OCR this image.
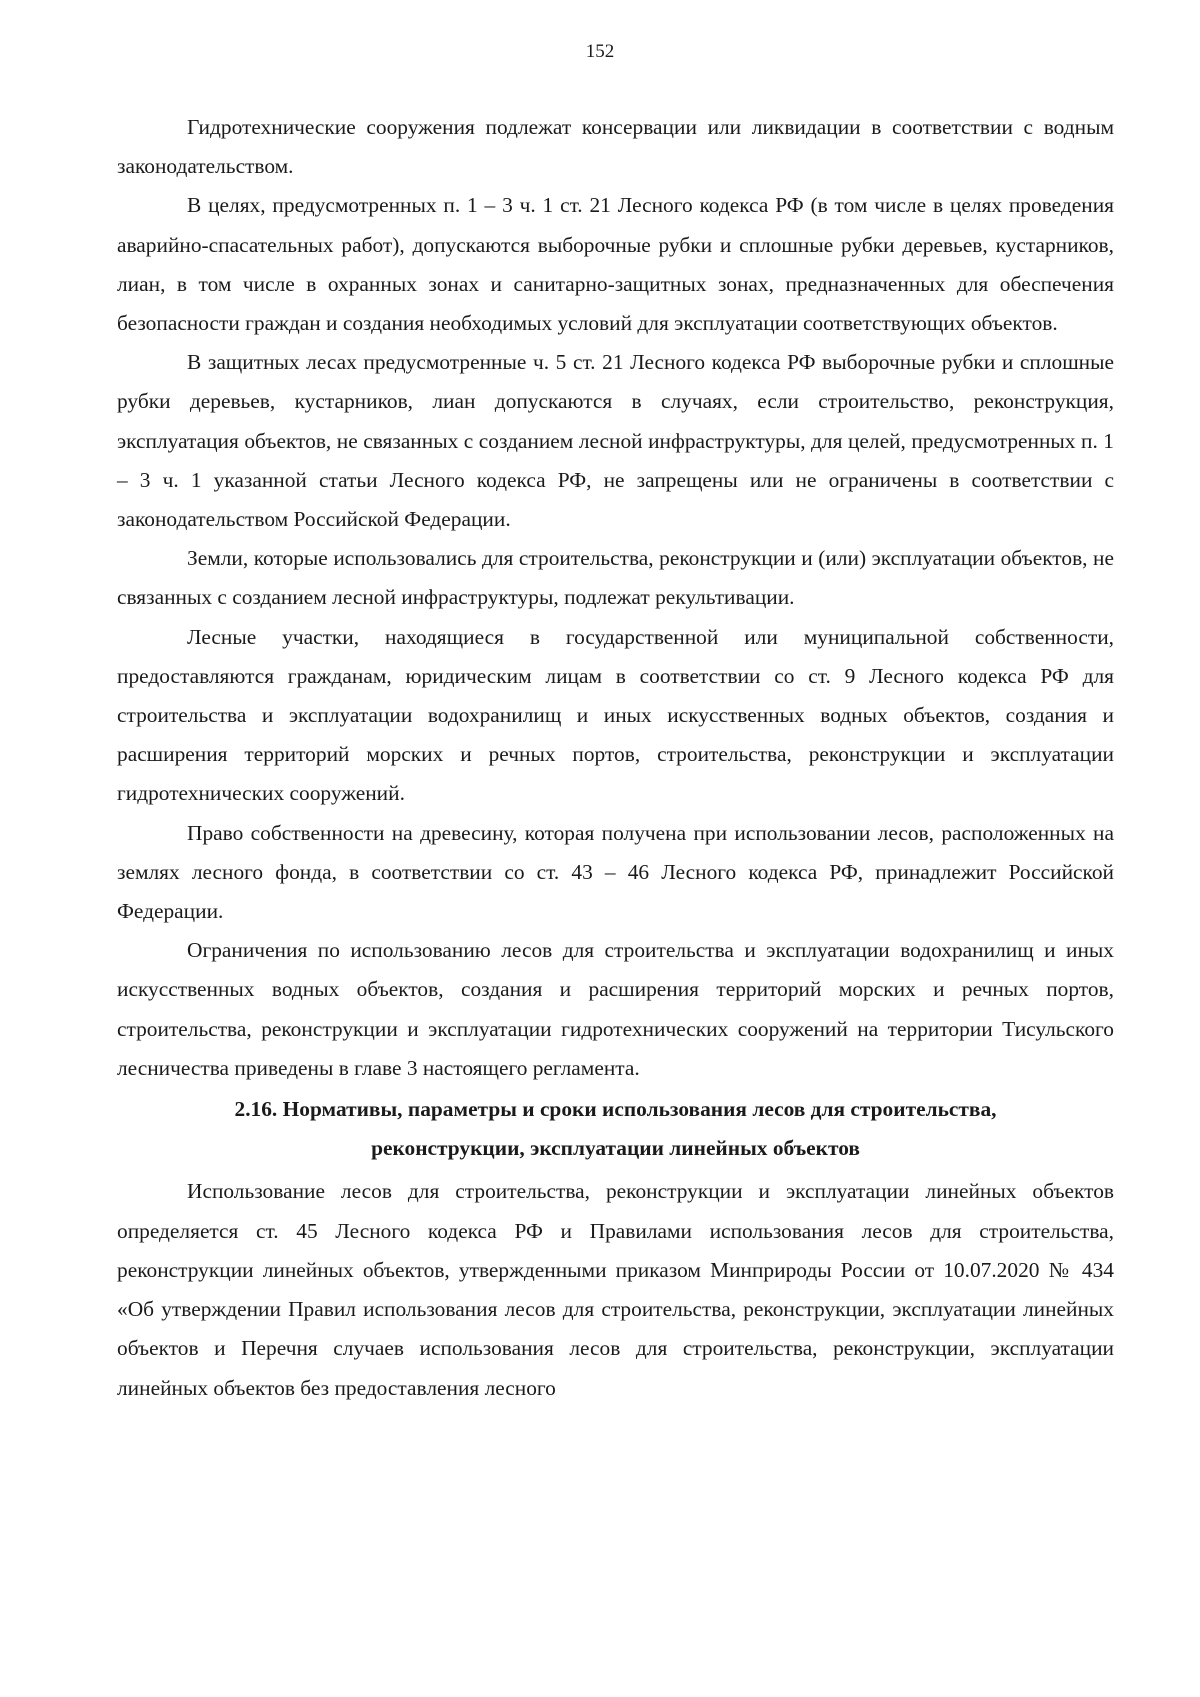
152

Гидротехнические сооружения подлежат консервации или ликвидации в соответствии с водным законодательством.

В целях, предусмотренных п. 1 – 3 ч. 1 ст. 21 Лесного кодекса РФ (в том числе в целях проведения аварийно-спасательных работ), допускаются выборочные рубки и сплошные рубки деревьев, кустарников, лиан, в том числе в охранных зонах и санитарно-защитных зонах, предназначенных для обеспечения безопасности граждан и создания необходимых условий для эксплуатации соответствующих объектов.

В защитных лесах предусмотренные ч. 5 ст. 21 Лесного кодекса РФ выборочные рубки и сплошные рубки деревьев, кустарников, лиан допускаются в случаях, если строительство, реконструкция, эксплуатация объектов, не связанных с созданием лесной инфраструктуры, для целей, предусмотренных п. 1 – 3 ч. 1 указанной статьи Лесного кодекса РФ, не запрещены или не ограничены в соответствии с законодательством Российской Федерации.

Земли, которые использовались для строительства, реконструкции и (или) эксплуатации объектов, не связанных с созданием лесной инфраструктуры, подлежат рекультивации.

Лесные участки, находящиеся в государственной или муниципальной собственности, предоставляются гражданам, юридическим лицам в соответствии со ст. 9 Лесного кодекса РФ для строительства и эксплуатации водохранилищ и иных искусственных водных объектов, создания и расширения территорий морских и речных портов, строительства, реконструкции и эксплуатации гидротехнических сооружений.

Право собственности на древесину, которая получена при использовании лесов, расположенных на землях лесного фонда, в соответствии со ст. 43 – 46 Лесного кодекса РФ, принадлежит Российской Федерации.

Ограничения по использованию лесов для строительства и эксплуатации водохранилищ и иных искусственных водных объектов, создания и расширения территорий морских и речных портов, строительства, реконструкции и эксплуатации гидротехнических сооружений на территории Тисульского лесничества приведены в главе 3 настоящего регламента.

2.16. Нормативы, параметры и сроки использования лесов для строительства, реконструкции, эксплуатации линейных объектов

Использование лесов для строительства, реконструкции и эксплуатации линейных объектов определяется ст. 45 Лесного кодекса РФ и Правилами использования лесов для строительства, реконструкции линейных объектов, утвержденными приказом Минприроды России от 10.07.2020 № 434 «Об утверждении Правил использования лесов для строительства, реконструкции, эксплуатации линейных объектов и Перечня случаев использования лесов для строительства, реконструкции, эксплуатации линейных объектов без предоставления лесного
